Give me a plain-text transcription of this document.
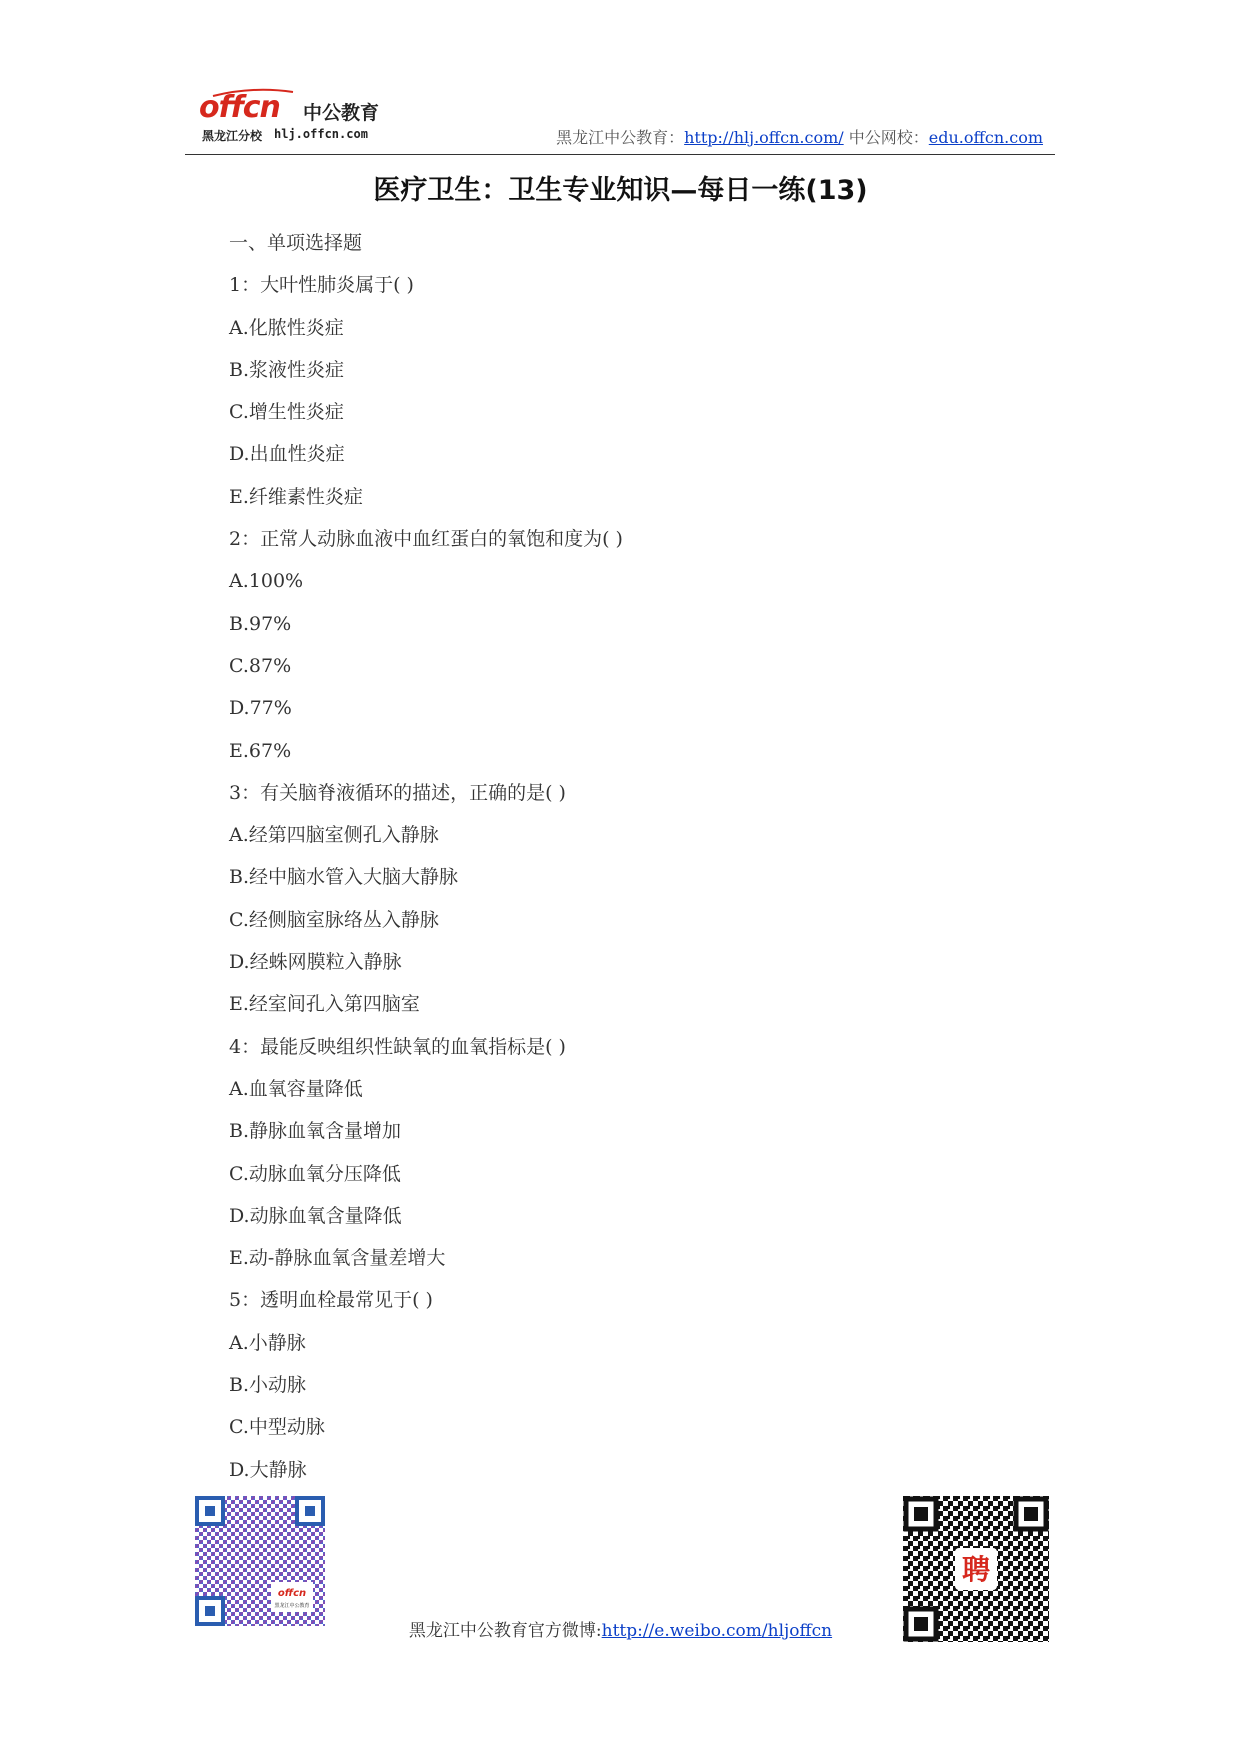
offcn 中公教育
黑龙江分校 hlj.offcn.com	黑龙江中公教育：http://hlj.offcn.com/ 中公网校：edu.offcn.com
医疗卫生：卫生专业知识—每日一练(13)
一、单项选择题
1：大叶性肺炎属于( )
A.化脓性炎症
B.浆液性炎症
C.增生性炎症
D.出血性炎症
E.纤维素性炎症
2：正常人动脉血液中血红蛋白的氧饱和度为( )
A.100%
B.97%
C.87%
D.77%
E.67%
3：有关脑脊液循环的描述，正确的是( )
A.经第四脑室侧孔入静脉
B.经中脑水管入大脑大静脉
C.经侧脑室脉络丛入静脉
D.经蛛网膜粒入静脉
E.经室间孔入第四脑室
4：最能反映组织性缺氧的血氧指标是( )
A.血氧容量降低
B.静脉血氧含量增加
C.动脉血氧分压降低
D.动脉血氧含量降低
E.动-静脉血氧含量差增大
5：透明血栓最常见于( )
A.小静脉
B.小动脉
C.中型动脉
D.大静脉
offcn
黑龙江中公教育
聘
黑龙江中公教育官方微博:http://e.weibo.com/hljoffcn
